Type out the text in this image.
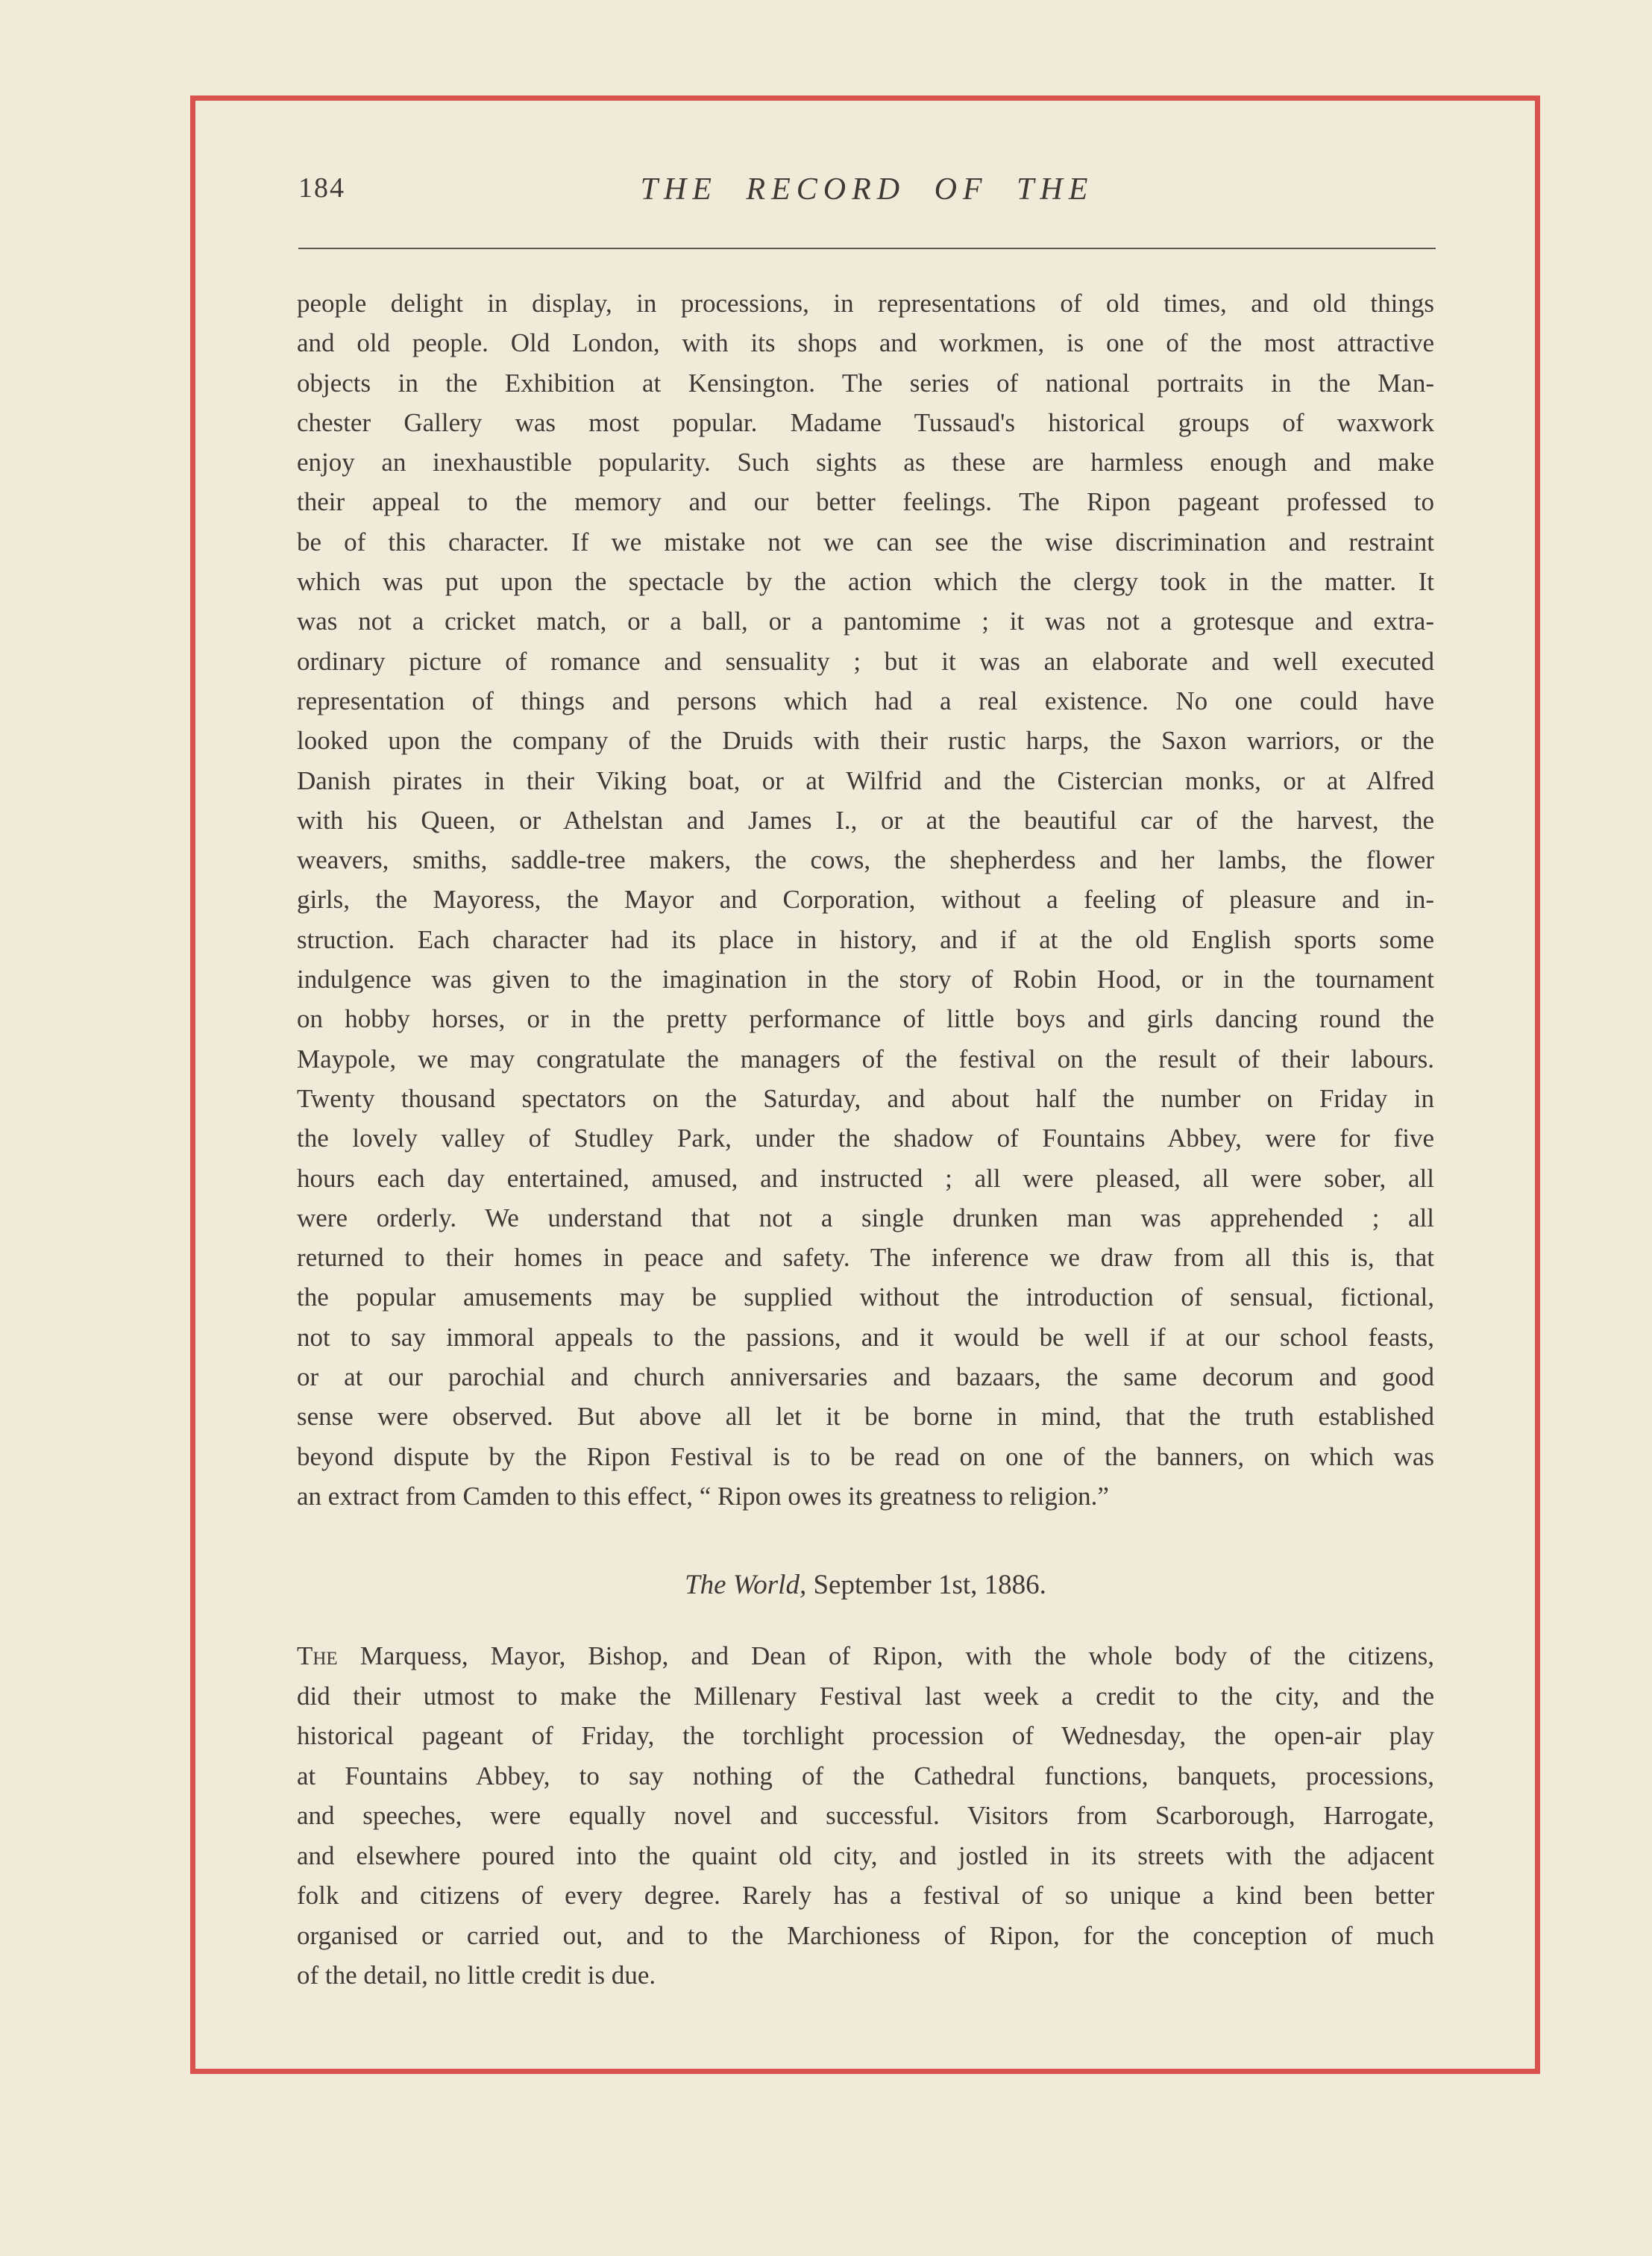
184	THE RECORD OF THE
people delight in display, in processions, in representations of old times, and old things
and old people. Old London, with its shops and workmen, is one of the most attractive
objects in the Exhibition at Kensington. The series of national portraits in the Man-
chester Gallery was most popular. Madame Tussaud's historical groups of waxwork
enjoy an inexhaustible popularity. Such sights as these are harmless enough and make
their appeal to the memory and our better feelings. The Ripon pageant professed to
be of this character. If we mistake not we can see the wise discrimination and restraint
which was put upon the spectacle by the action which the clergy took in the matter. It
was not a cricket match, or a ball, or a pantomime ; it was not a grotesque and extra-
ordinary picture of romance and sensuality ; but it was an elaborate and well executed
representation of things and persons which had a real existence. No one could have
looked upon the company of the Druids with their rustic harps, the Saxon warriors, or the
Danish pirates in their Viking boat, or at Wilfrid and the Cistercian monks, or at Alfred
with his Queen, or Athelstan and James I., or at the beautiful car of the harvest, the
weavers, smiths, saddle-tree makers, the cows, the shepherdess and her lambs, the flower
girls, the Mayoress, the Mayor and Corporation, without a feeling of pleasure and in-
struction. Each character had its place in history, and if at the old English sports some
indulgence was given to the imagination in the story of Robin Hood, or in the tournament
on hobby horses, or in the pretty performance of little boys and girls dancing round the
Maypole, we may congratulate the managers of the festival on the result of their labours.
Twenty thousand spectators on the Saturday, and about half the number on Friday in
the lovely valley of Studley Park, under the shadow of Fountains Abbey, were for five
hours each day entertained, amused, and instructed ; all were pleased, all were sober, all
were orderly. We understand that not a single drunken man was apprehended ; all
returned to their homes in peace and safety. The inference we draw from all this is, that
the popular amusements may be supplied without the introduction of sensual, fictional,
not to say immoral appeals to the passions, and it would be well if at our school feasts,
or at our parochial and church anniversaries and bazaars, the same decorum and good
sense were observed. But above all let it be borne in mind, that the truth established
beyond dispute by the Ripon Festival is to be read on one of the banners, on which was
an extract from Camden to this effect, “ Ripon owes its greatness to religion.”
The World, September 1st, 1886.
The Marquess, Mayor, Bishop, and Dean of Ripon, with the whole body of the citizens,
did their utmost to make the Millenary Festival last week a credit to the city, and the
historical pageant of Friday, the torchlight procession of Wednesday, the open-air play
at Fountains Abbey, to say nothing of the Cathedral functions, banquets, processions,
and speeches, were equally novel and successful. Visitors from Scarborough, Harrogate,
and elsewhere poured into the quaint old city, and jostled in its streets with the adjacent
folk and citizens of every degree. Rarely has a festival of so unique a kind been better
organised or carried out, and to the Marchioness of Ripon, for the conception of much
of the detail, no little credit is due.
